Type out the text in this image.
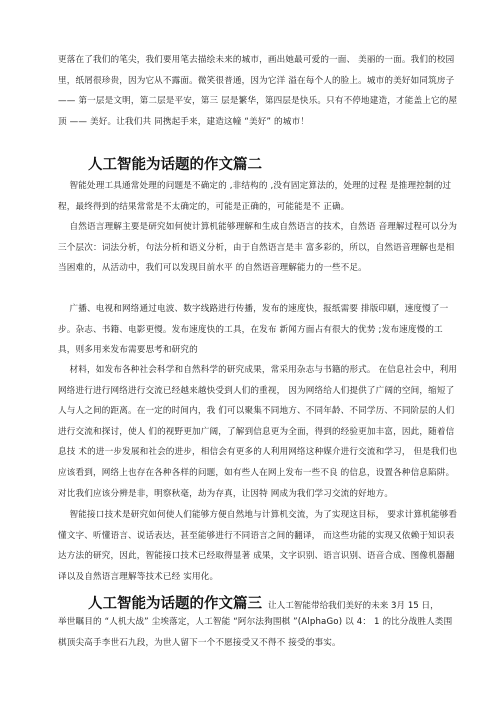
更落在了我们的笔尖，我们要用笔去描绘未来的城市，画出她最可爱的一面、 美丽的一面。我们的校园里，纸屑很珍贵，因为它从不露面。微笑很普通，因为它洋 溢在每个人的脸上。城市的美好如同筑房子 —— 第一层是文明，第二层是平安，第三 层是繁华，第四层是快乐。只有不停地建造，才能盖上它的屋顶 —— 美好。让我们共 同携起手来，建造这幢 “美好” 的城市！
人工智能为话题的作文篇二
智能处理工具通常处理的问题是不确定的 ,非结构的 ,没有固定算法的，处理的过程 是推理控制的过程，最终得到的结果常常是不太确定的，可能是正确的，可能能是不 正确。
自然语言理解主要是研究如何使计算机能够理解和生成自然语言的技术，自然语 音理解过程可以分为三个层次：词法分析，句法分析和语义分析，由于自然语言是丰 富多彩的，所以，自然语音理解也是相当困难的，从活动中，我们可以发现目前水平 的自然语音理解能力的一些不足。
广播、电视和网络通过电波、数字线路进行传播，发布的速度快，报纸需要 排版印刷，速度慢了一步。杂志、书籍、电影更慢。发布速度快的工具，在发布 新闻方面占有很大的优势 ;发布速度慢的工具，则多用来发布需要思考和研究的
材料，如发布各种社会科学和自然科学的研究成果，常采用杂志与书籍的形式。 在信息社会中，利用网络进行进行网络进行交流已经越来越快受到人们的重视， 因为网络给人们提供了广阔的空间，缩短了人与人之间的距离。在一定的时间内，我 们可以聚集不同地方、不同年龄、不同学历、不同阶层的人们进行交流和探讨，使人 们的视野更加广阔，了解到信息更为全面，得到的经验更加丰富，因此，随着信息技 术的进一步发展和社会的进步，相信会有更多的人利用网络这种媒介进行交流和学习， 但是我们也应该看到，网络上也存在各种各样的问题，如有些人在网上发布一些不良 的信息，设置各种信息陷阱。对比我们应该分辨是非，明察秋毫，劫为存真，让因特 网成为我们学习交流的好地方。
智能接口技术是研究如何使人们能够方便自然地与计算机交流，为了实现这目标， 要求计算机能够看懂文字、听懂语言、说话表达，甚至能够进行不同语言之间的翻译， 而这些功能的实现又依赖于知识表达方法的研究，因此，智能接口技术已经取得显著 成果，文字识别、语言识别、语音合成、图像机器翻译以及自然语言理解等技术已经 实用化。
人工智能为话题的作文篇三 让人工智能带给我们美好的未来 3月 15 日，
举世瞩目的 “人机大战” 尘埃落定，人工智能 “阿尔法狗围棋 ”(AlphaGo) 以 4： 1 的比分战胜人类围棋顶尖高手李世石九段，为世人留下一个不愿接受又不得不 接受的事实。
